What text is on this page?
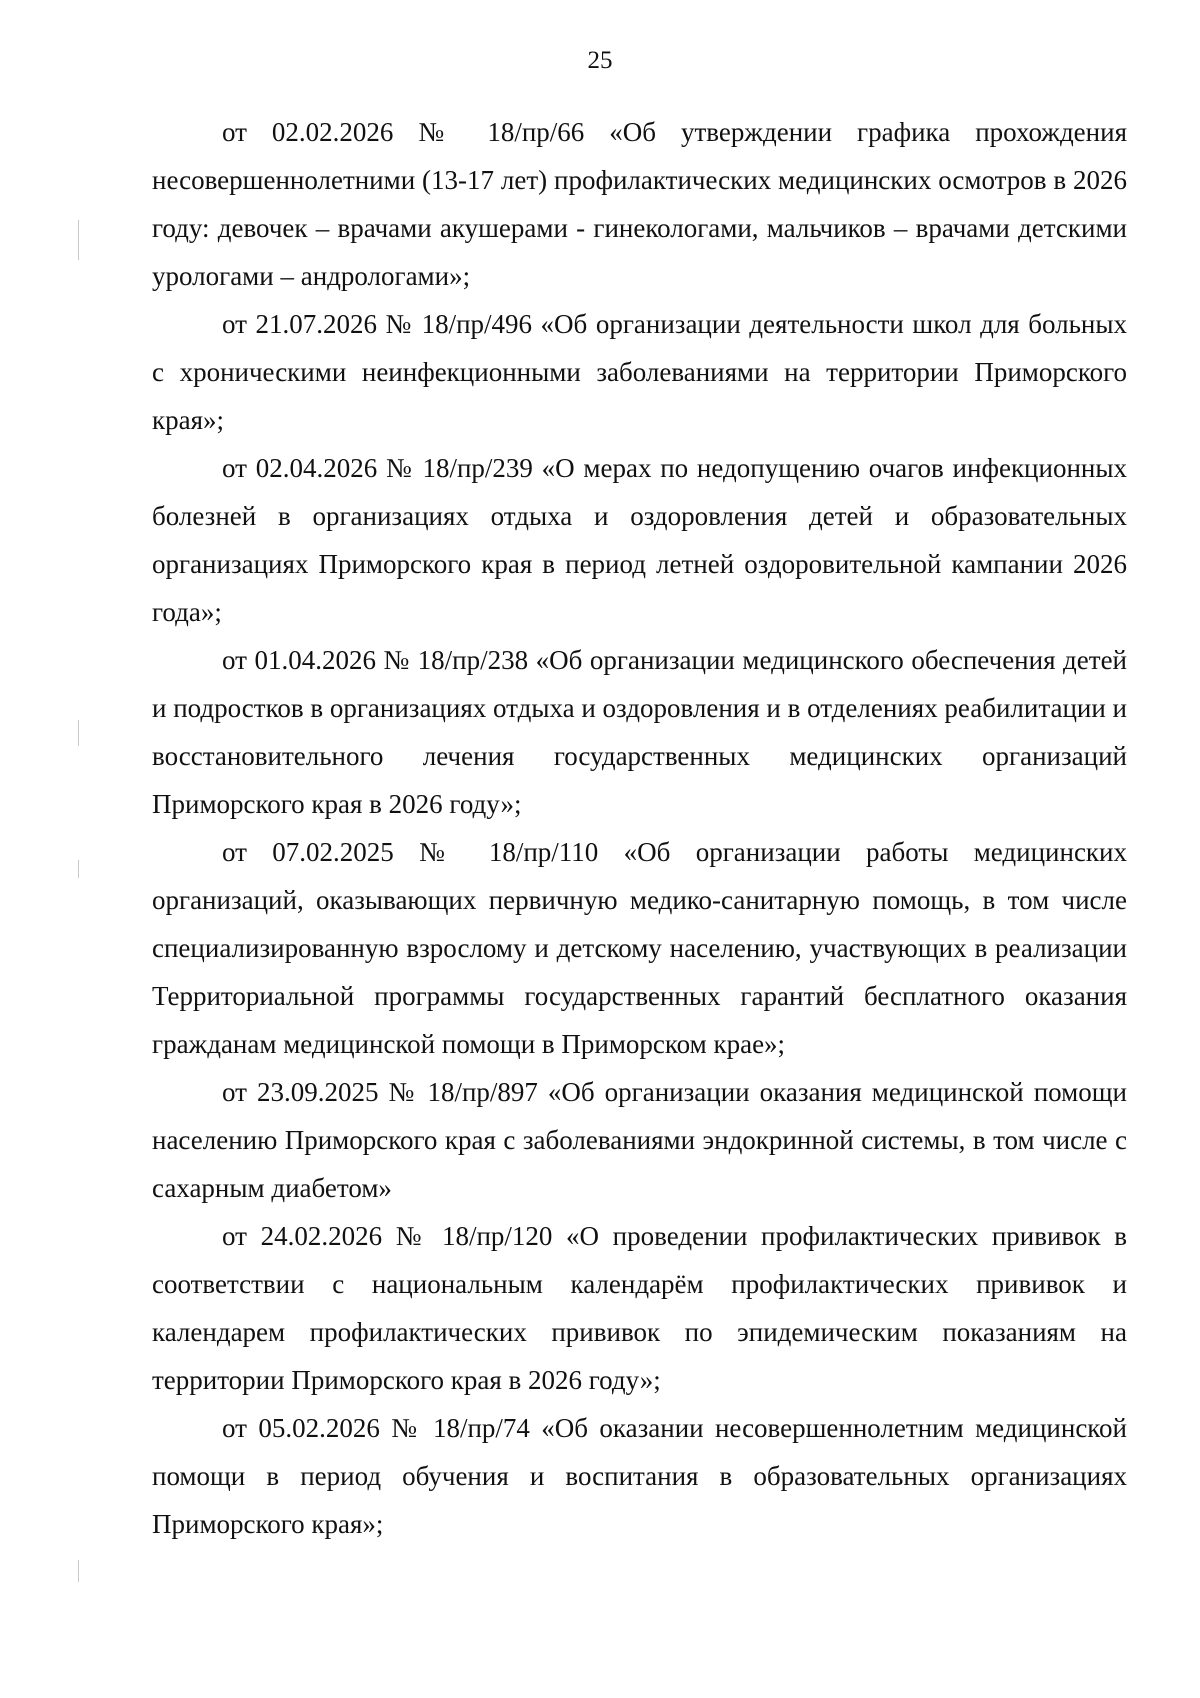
25

от 02.02.2026 № 18/пр/66 «Об утверждении графика прохождения несовершеннолетними (13-17 лет) профилактических медицинских осмотров в 2026 году: девочек – врачами акушерами - гинекологами, мальчиков – врачами детскими урологами – андрологами»;

от 21.07.2026 № 18/пр/496 «Об организации деятельности школ для больных с хроническими неинфекционными заболеваниями на территории Приморского края»;

от 02.04.2026 № 18/пр/239 «О мерах по недопущению очагов инфекционных болезней в организациях отдыха и оздоровления детей и образовательных организациях Приморского края в период летней оздоровительной кампании 2026 года»;

от 01.04.2026 № 18/пр/238 «Об организации медицинского обеспечения детей и подростков в организациях отдыха и оздоровления и в отделениях реабилитации и восстановительного лечения государственных медицинских организаций Приморского края в 2026 году»;

от 07.02.2025 № 18/пр/110 «Об организации работы медицинских организаций, оказывающих первичную медико-санитарную помощь, в том числе специализированную взрослому и детскому населению, участвующих в реализации Территориальной программы государственных гарантий бесплатного оказания гражданам медицинской помощи в Приморском крае»;

от 23.09.2025 № 18/пр/897 «Об организации оказания медицинской помощи населению Приморского края с заболеваниями эндокринной системы, в том числе с сахарным диабетом»

от 24.02.2026 № 18/пр/120 «О проведении профилактических прививок в соответствии с национальным календарём профилактических прививок и календарем профилактических прививок по эпидемическим показаниям на территории Приморского края в 2026 году»;

от 05.02.2026 № 18/пр/74 «Об оказании несовершеннолетним медицинской помощи в период обучения и воспитания в образовательных организациях Приморского края»;
